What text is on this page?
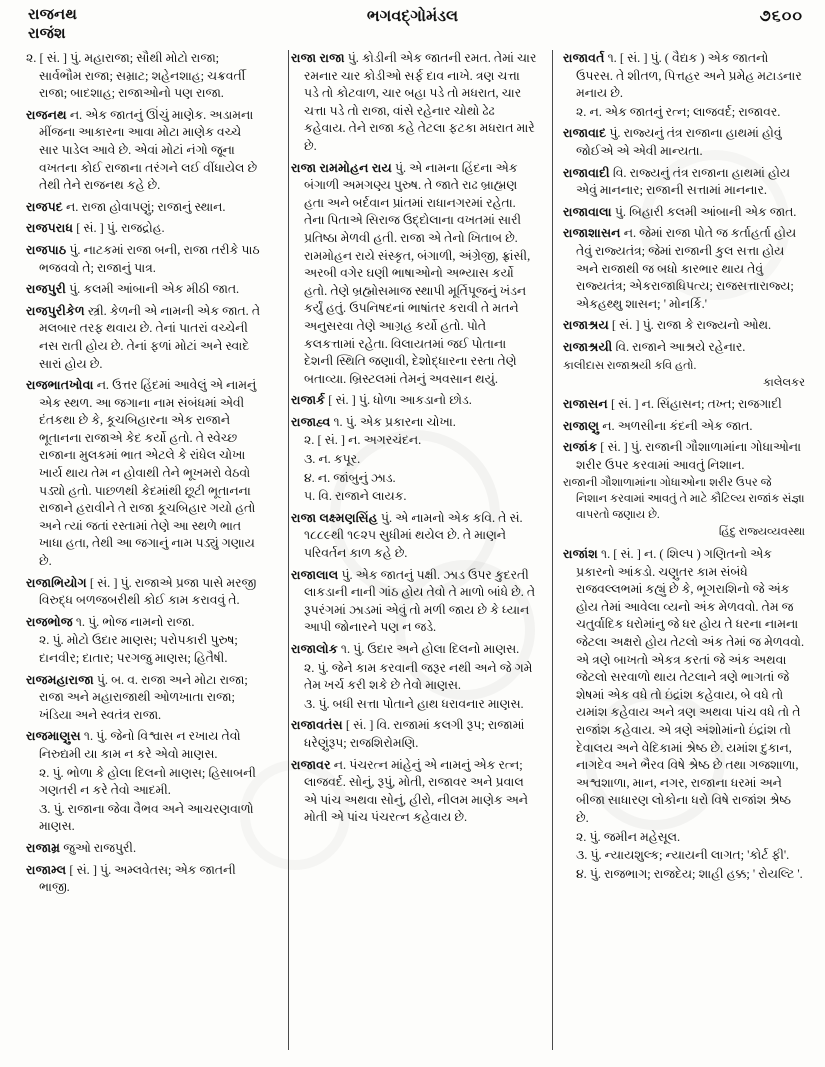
રાજનથ
રાજંશ
ભગવદ્ગોમંડલ	૭૬૦૦

૨. [ સં. ] પું. મહારાજા; સૌથી મોટો રાજા; સાર્વભૌમ રાજા; સમ્રાટ; શહેનશાહ; ચક્રવર્તી રાજા; બાદશાહ; રાજાઓનો પણ રાજા.

રાજનથ ન. એક જાતનું ઊંચું માણેક. અડામના મીંજના આકારના આવા મોટા માણેક વચ્ચે સાર પાડેલ આવે છે. એવાં મોટાં નંગો જૂના વખતના કોઈ રાજાના તરંગને લઈ વીંધાયેલ છે તેથી તેને રાજનથ કહે છે.

રાજપદ ન. રાજા હોવાપણું; રાજાનું સ્થાન.

રાજપરાધ [ સં. ] પું. રાજદ્રોહ.

રાજપાઠ પું. નાટકમાં રાજા બની, રાજા તરીકે પાઠ ભજવવો તે; રાજાનું પાત્ર.

રાજપુરી પું. કલમી આંબાની એક મીઠી જાત.

રાજપુરીકેળ સ્ત્રી. કેળની એ નામની એક જાત. તે મલબાર તરફ થવાય છે. તેનાં પાતરાં વચ્ચેની નસ રાતી હોય છે. તેનાં ફળાં મોટાં અને સ્વાદે સારાં હોય છે.

રાજભાતખોવા ન. ઉત્તર હિંદમાં આવેલું એ નામનું એક સ્થળ. આ જગાના નામ સંબંધમાં એવી દંતકથા છે કે, કૂચબિહારના એક રાજાને ભૂતાનના રાજાએ કેદ કર્યો હતો. તે સ્વેચ્છ રાજાના મુલકમાં ભાત એટલે કે રાંધેલ ચોખા ખાર્ય થાય તેમ ન હોવાથી તેને ભૂખમરો વેઠવો પડ્યો હતો. પાછળથી કેદમાંથી છૂટી ભૂતાનના રાજાને હરાવીને તે રાજા કૂચબિહાર ગયો હતો અને ત્યાં જતાં રસ્તામાં તેણે આ સ્થળે ભાત ખાધા હતા, તેથી આ જગાનું નામ પડ્યું ગણાય છે.

રાજાભિયોગ [ સં. ] પું. રાજાએ પ્રજા પાસે મરજી વિરુદ્ધ બળજબરીથી કોઈ કામ કરાવવું તે.

રાજભોજ ૧. પું. ભોજ નામનો રાજા.

૨. પું. મોટો ઉદાર માણસ; પરોપકારી પુરુષ; દાનવીર; દાતાર; પરગજુ માણસ; હિતૈષી.

રાજમહારાજા પું. બ. વ. રાજા અને મોટા રાજા; રાજા અને મહારાજાથી ઓળખાતા રાજા; ખંડિયા અને સ્વતંત્ર રાજા.

રાજમાણુસ ૧. પું. જેનો વિશ્વાસ ન રખાય તેવો નિરુદ્યમી યા કામ ન કરે એવો માણસ.

૨. પું. ભોળા કે હોલા દિલનો માણસ; હિસાબની ગણતરી ન કરે તેવો આદમી.

૩. પું. રાજાના જેવા વૈભવ અને આચરણવાળો માણસ.

રાજામ્ર જુઓ રાજપુરી.

રાજામ્લ [ સં. ] પું. અમ્લવેતસ; એક જાતની ભાજી.

રાજા રાજા પું. કોડીની એક જાતની રમત. તેમાં ચાર રમનાર ચાર કોડીઓ સર્ફ દાવ નાખે. ત્રણ ચત્તા પડે તો કોટવાળ, ચાર બહા પડે તો મધરાત, ચાર ચત્તા પડે તો રાજા, વાંસે રહેનાર ચોથો ઢેઢ કહેવાય. તેને રાજા કહે તેટલા ફટકા મધરાત મારે છે.

રાજા રામમોહન રાય પું. એ નામના હિંદના એક બંગાળી અમગણ્ય પુરુષ. તે જાતે રાઢ બ્રાહ્મણ હતા અને બર્દવાન પ્રાંતમાં રાધાનગરમાં રહેતા. તેના પિતાએ સિરાજ ઉદ્દોલાના વખતમાં સારી પ્રતિષ્ઠા મેળવી હતી. રાજા એ તેનો ખિતાબ છે. રામમોહન રાયે સંસ્કૃત, બંગાળી, અંગ્રેજી, ફ્રાંસી, અરબી વગેર ઘણી ભાષાઓનો અભ્યાસ કર્યો હતો. તેણે બ્રહ્મોસમાજ સ્થાપી મૂર્તિપૂજનું ખંડન કર્યું હતું. ઉપનિષદનાં ભાષાંતર કરાવી તે મતને અનુસરવા તેણે આગ્રહ કર્યો હતો. પોતે કલકત્તામાં રહેતા. વિલાયતમાં જઈ પોતાના દેશની સ્થિતિ જણાવી, દેશોદ્ધારના રસ્તા તેણે બતાવ્યા. બ્રિસ્ટલમાં તેમનું અવસાન થયું.

રાજાર્ક [ સં. ] પું. ધોળા આકડાનો છોડ.

રાજાહ્વ ૧. પું. એક પ્રકારના ચોખા.

૨. [ સં. ] ન. અગરચંદન.

૩. ન. કપૂર.

૪. ન. જાંબુનું ઝાડ.

૫. વિ. રાજાને લાયક.

રાજા લક્ષ્મણસિંહ પું. એ નામનો એક કવિ. તે સં. ૧૮૮૯થી ૧૯૨૫ સુધીમાં થયેલ છે. તે માણને પરિવર્તન કાળ કહે છે.

રાજાલાલ પું. એક જાતનું પક્ષી. ઝાડ ઉપર કુદરતી લાકડાની નાની ગાંઠ હોય તેવો તે માળો બાંધે છે. તે રૂપરંગમાં ઝાડમાં એવું તો મળી જાય છે કે ધ્યાન આપી જોનારને પણ ન જડે.

રાજાલોક ૧. પું. ઉદાર અને હોલા દિલનો માણસ.

૨. પું. જેને કામ કરવાની જરૂર નથી અને જે ગમે તેમ ખર્ચ કરી શકે છે તેવો માણસ.

૩. પું. બધી સત્તા પોતાને હાથ ધરાવનાર માણસ.

રાજાવતંસ [ સં. ] વિ. રાજામાં કલગી રૂપ; રાજામાં ધરેણુંરૂપ; રાજશિરોમણિ.

રાજાવર ન. પંચરત્ન માંહેનું એ નામનું એક રત્ન; લાજવર્દ. સોનું, રૂપું, મોતી, રાજાવર અને પ્રવાલ એ પાંચ અથવા સોનું, હીરો, નીલમ માણેક અને મોતી એ પાંચ પંચરત્ન કહેવાય છે.

રાજાવર્ત ૧. [ સં. ] પું. ( વૈદ્યક ) એક જાતનો ઉપરસ. તે શીતળ, પિત્તહર અને પ્રમેહ મટાડનાર મનાય છે.

૨. ન. એક જાતનું રત્ન; લાજવર્દ; રાજાવર.

રાજાવાદ પું. રાજ્યનું તંત્ર રાજાના હાથમાં હોવું જોઈએ એ એવી માન્યતા.

રાજાવાદી વિ. રાજ્યનું તંત્ર રાજાના હાથમાં હોય એવું માનનાર; રાજાની સત્તામાં માનનાર.

રાજાવાલા પું. બિહારી કલમી આંબાની એક જાત.

રાજાશાસન ન. જેમાં રાજા પોતે જ કર્તાહર્તા હોય તેવું રાજ્યતંત્ર; જેમાં રાજાની કુલ સત્તા હોય અને રાજાથી જ બધો કારભાર થાય તેવું રાજ્યતંત્ર; એકરાજાધિપત્ય; રાજસત્તારાજ્ય; એકહથ્થુ શાસન; ' મોનર્કિ.'

રાજાશ્રય [ સં. ] પું. રાજા કે રાજ્યનો ઓથ.

રાજાશ્રયી વિ. રાજાને આશ્રયે રહેનાર.

કાલીદાસ રાજાશ્રયી કવિ હતો.

કાલેલકર

રાજાસન [ સં. ] ન. સિંહાસન; તખ્ત; રાજગાદી

રાજાણુ ન. અળસીના કંદની એક જાત.

રાજાંક [ સં. ] પું. રાજાની ગૌશાળામાંના ગોધાઓના શરીર ઉપર કરવામાં આવતું નિશાન.

રાજાની ગૌશાળામાંના ગોધાઓના શરીર ઉપર જે નિશાન કરવામાં આવતું તે માટે કૌટિલ્ય રાજાંક સંજ્ઞા વાપરતો જણાય છે.

હિંદુ રાજ્યવ્યવસ્થા

રાજાંશ ૧. [ સં. ] ન. ( શિલ્પ ) ગણિતનો એક પ્રકારનો આંકડો. ચણુતર કામ સંબંધે રાજવલ્લભમાં કહ્યું છે કે, ભૂગરાશિનો જે અંક હોય તેમાં આવેલા વ્યનો અંક મેળવવો. તેમ જ ચતુર્વાદિક ધરોમાંનુ જે ધર હોય તે ધરના નામના જેટલા અક્ષરો હોય તેટલો અંક તેમાં જ મેળવવો. એ ત્રણે બાખતો એકત્ર કરતાં જે અંક અથવા જેટલો સરવાળો થાય તેટલાને ત્રણે ભાગતાં જે શેષમાં એક વધે તો ઇંદ્રાંશ કહેવાય, બે વધે તો યમાંશ કહેવાય અને ત્રણ અથવા પાંચ વધે તો તે રાજાંશ કહેવાય. એ ત્રણે અંશોમાંનો ઇંદ્રાંશ તો દેવાલય અને વેદિકામાં શ્રેષ્ઠ છે. યમાંશ દુકાન, નાગદેવ અને ભૈરવ વિષે શ્રેષ્ઠ છે તથા ગજશાળા, અશ્વશાળા, માન, નગર, રાજાના ધરમાં અને બીજા સાધારણ લોકોના ધરો વિષે રાજાંશ શ્રેષ્ઠ છે.

૨. પું. જમીન મહેસૂલ.

૩. પું. ન્યાયશુલ્ક; ન્યાયની લાગત; 'કોર્ટ ફી'.

૪. પું. રાજભાગ; રાજદેય; શાહી હક્ક; ' રોયલ્ટિ '.
